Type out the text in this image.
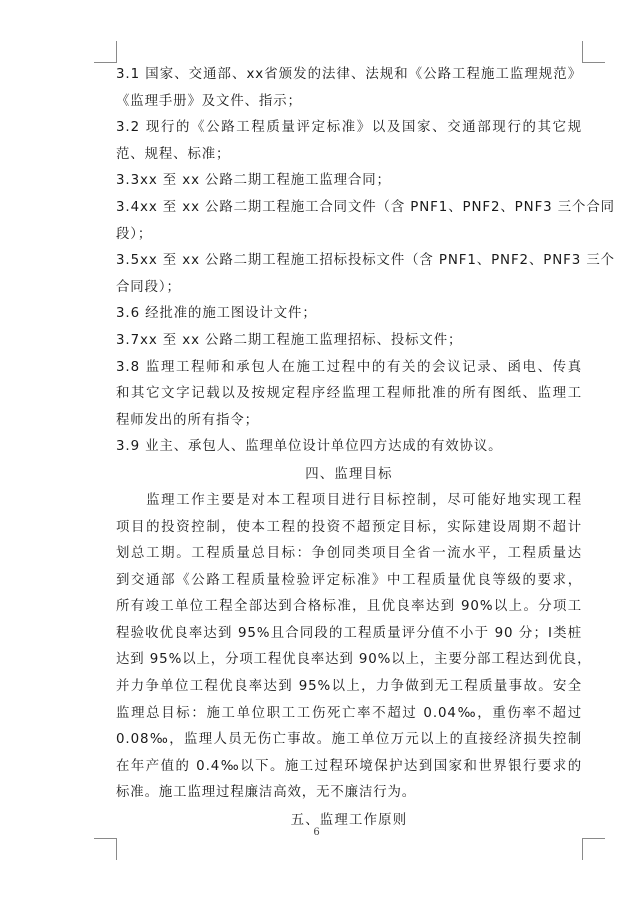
3.1 国家、交通部、xx省颁发的法律、法规和《公路工程施工监理规范》
《监理手册》及文件、指示；
3.2 现行的《公路工程质量评定标准》以及国家、交通部现行的其它规
范、规程、标准；
3.3xx 至 xx 公路二期工程施工监理合同；
3.4xx 至 xx 公路二期工程施工合同文件（含 PNF1、PNF2、PNF3 三个合同
段）；
3.5xx 至 xx 公路二期工程施工招标投标文件（含 PNF1、PNF2、PNF3 三个
合同段）；
3.6 经批准的施工图设计文件；
3.7xx 至 xx 公路二期工程施工监理招标、投标文件；
3.8 监理工程师和承包人在施工过程中的有关的会议记录、函电、传真
和其它文字记载以及按规定程序经监理工程师批准的所有图纸、监理工
程师发出的所有指令；
3.9 业主、承包人、监理单位设计单位四方达成的有效协议。
四、监理目标
　　监理工作主要是对本工程项目进行目标控制，尽可能好地实现工程
项目的投资控制，使本工程的投资不超预定目标，实际建设周期不超计
划总工期。工程质量总目标：争创同类项目全省一流水平，工程质量达
到交通部《公路工程质量检验评定标准》中工程质量优良等级的要求，
所有竣工单位工程全部达到合格标准，且优良率达到 90%以上。分项工
程验收优良率达到 95%且合同段的工程质量评分值不小于 90 分；Ⅰ类桩
达到 95%以上，分项工程优良率达到 90%以上，主要分部工程达到优良，
并力争单位工程优良率达到 95%以上，力争做到无工程质量事故。安全
监理总目标：施工单位职工工伤死亡率不超过 0.04‰，重伤率不超过
0.08‰，监理人员无伤亡事故。施工单位万元以上的直接经济损失控制
在年产值的 0.4‰以下。施工过程环境保护达到国家和世界银行要求的
标准。施工监理过程廉洁高效，无不廉洁行为。
五、监理工作原则
6
